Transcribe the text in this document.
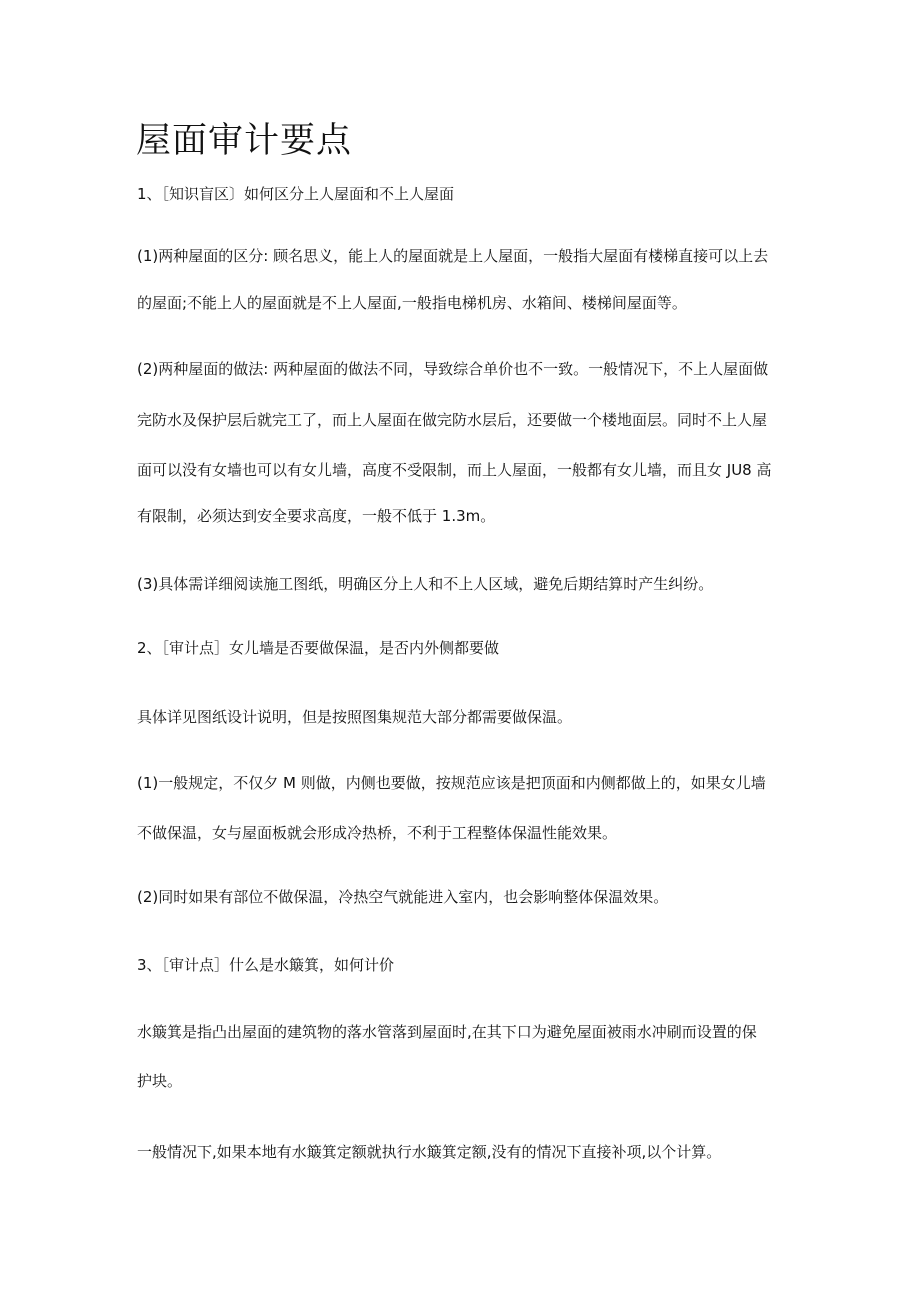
屋面审计要点

1、［知识盲区〕如何区分上人屋面和不上人屋面

(1)两种屋面的区分: 顾名思义，能上人的屋面就是上人屋面，一般指大屋面有楼梯直接可以上去

的屋面;不能上人的屋面就是不上人屋面,一般指电梯机房、水箱间、楼梯间屋面等。

(2)两种屋面的做法: 两种屋面的做法不同，导致综合单价也不一致。一般情况下，不上人屋面做

完防水及保护层后就完工了，而上人屋面在做完防水层后，还要做一个楼地面层。同时不上人屋

面可以没有女墙也可以有女儿墙，高度不受限制，而上人屋面，一般都有女儿墙，而且女 JU8 高

有限制，必须达到安全要求高度，一般不低于 1.3m。

(3)具体需详细阅读施工图纸，明确区分上人和不上人区域，避免后期结算时产生纠纷。

2、［审计点］女儿墙是否要做保温，是否内外侧都要做

具体详见图纸设计说明，但是按照图集规范大部分都需要做保温。

(1)一般规定，不仅夕 M 则做，内侧也要做，按规范应该是把顶面和内侧都做上的，如果女儿墙

不做保温，女与屋面板就会形成冷热桥，不利于工程整体保温性能效果。

(2)同时如果有部位不做保温，冷热空气就能进入室内，也会影响整体保温效果。

3、［审计点］什么是水簸箕，如何计价

水簸箕是指凸出屋面的建筑物的落水管落到屋面时,在其下口为避免屋面被雨水冲刷而设置的保

护块。

一般情况下,如果本地有水簸箕定额就执行水簸箕定额,没有的情况下直接补项,以个计算。
